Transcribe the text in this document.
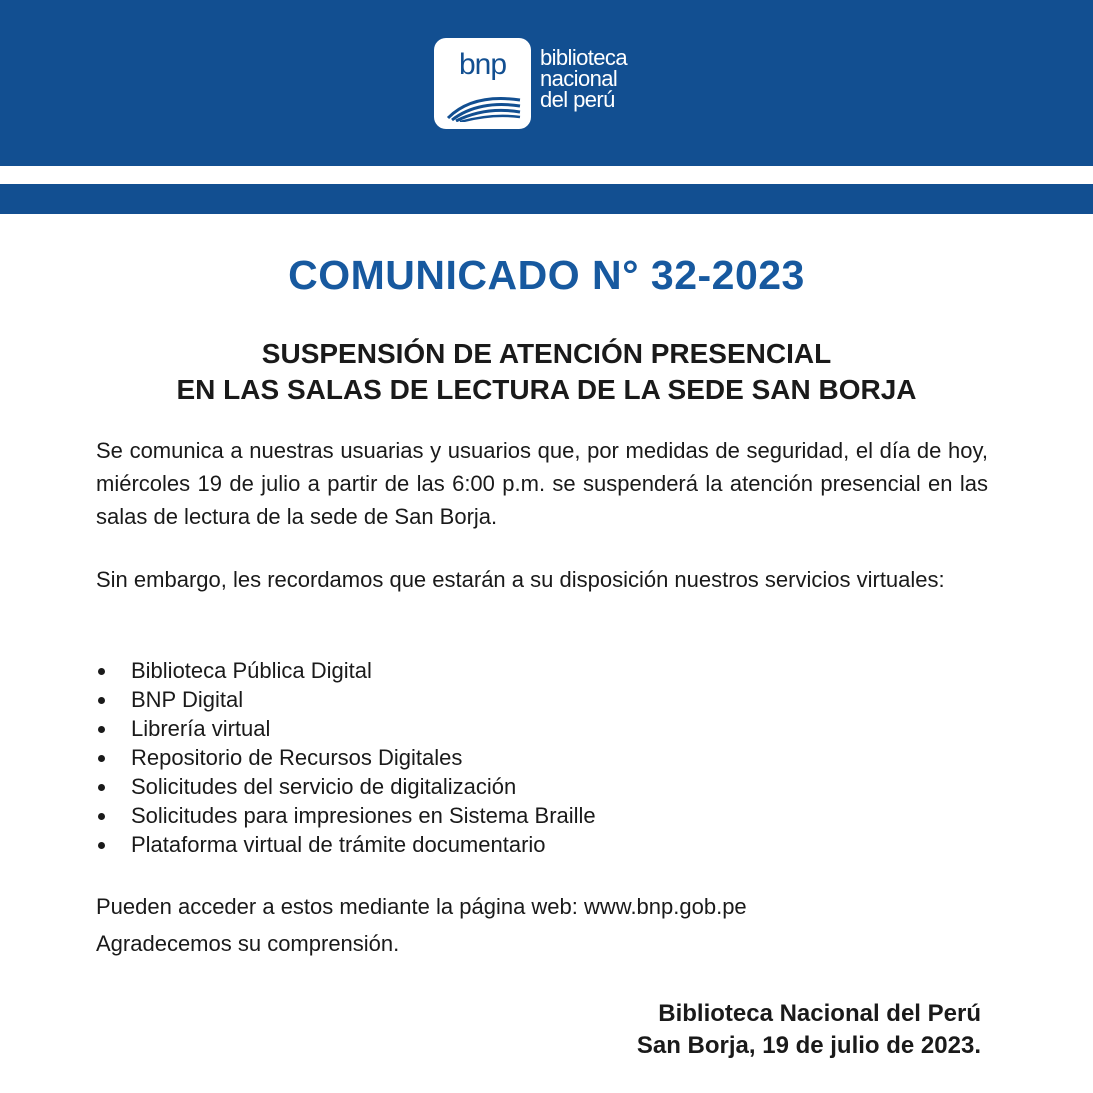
bnp	biblioteca
nacional
del perú
COMUNICADO N° 32-2023
SUSPENSIÓN DE ATENCIÓN PRESENCIAL
EN LAS SALAS DE LECTURA DE LA SEDE SAN BORJA
Se comunica a nuestras usuarias y usuarios que, por medidas de seguridad, el día de hoy, miércoles 19 de julio a partir de las 6:00 p.m. se suspenderá la atención presencial en las salas de lectura de la sede de San Borja.
Sin embargo, les recordamos que estarán a su disposición nuestros servicios virtuales:
Biblioteca Pública Digital
BNP Digital
Librería virtual
Repositorio de Recursos Digitales
Solicitudes del servicio de digitalización
Solicitudes para impresiones en Sistema Braille
Plataforma virtual de trámite documentario
Pueden acceder a estos mediante la página web: www.bnp.gob.pe
Agradecemos su comprensión.
Biblioteca Nacional del Perú
San Borja, 19 de julio de 2023.
